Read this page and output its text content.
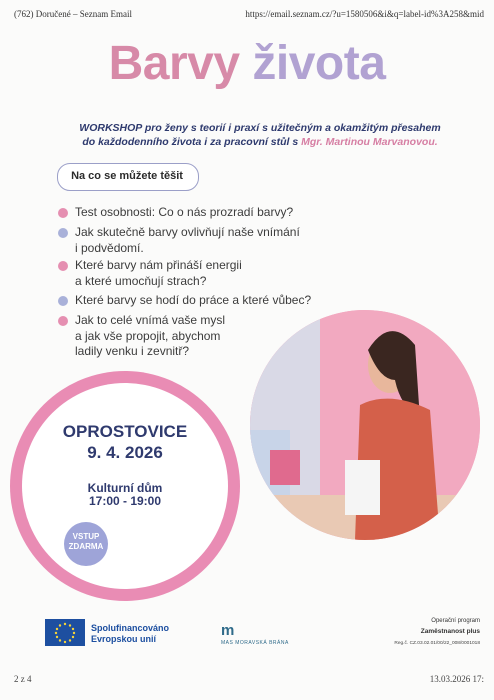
(762) Doručené – Seznam Email	https://email.seznam.cz/?u=1580506&i&q=label-id%3A258&mid
Barvy života
WORKSHOP pro ženy s teorií i praxí s užitečným a okamžitým přesahem
do každodenního života i za pracovní stůl s Mgr. Martinou Marvanovou.
Na co se můžete těšit
Test osobnosti: Co o nás prozradí barvy?
Jak skutečně barvy ovlivňují naše vnímání
i podvědomí.
Které barvy nám přináší energii
a které umocňují strach?
Které barvy se hodí do práce a které vůbec?
Jak to celé vnímá vaše mysl
a jak vše propojit, abychom
ladily venku i zevnitř?
OPROSTOVICE
9. 4. 2026
Kulturní dům
17:00 - 19:00
VSTUP
ZDARMA
Spolufinancováno
Evropskou unií	m
MAS MORAVSKÁ BRÁNA
Operační program
Zaměstnanost plus
Reg.č. CZ.03.02.01/00/22_008/0001018
2 z 4	13.03.2026 17:
